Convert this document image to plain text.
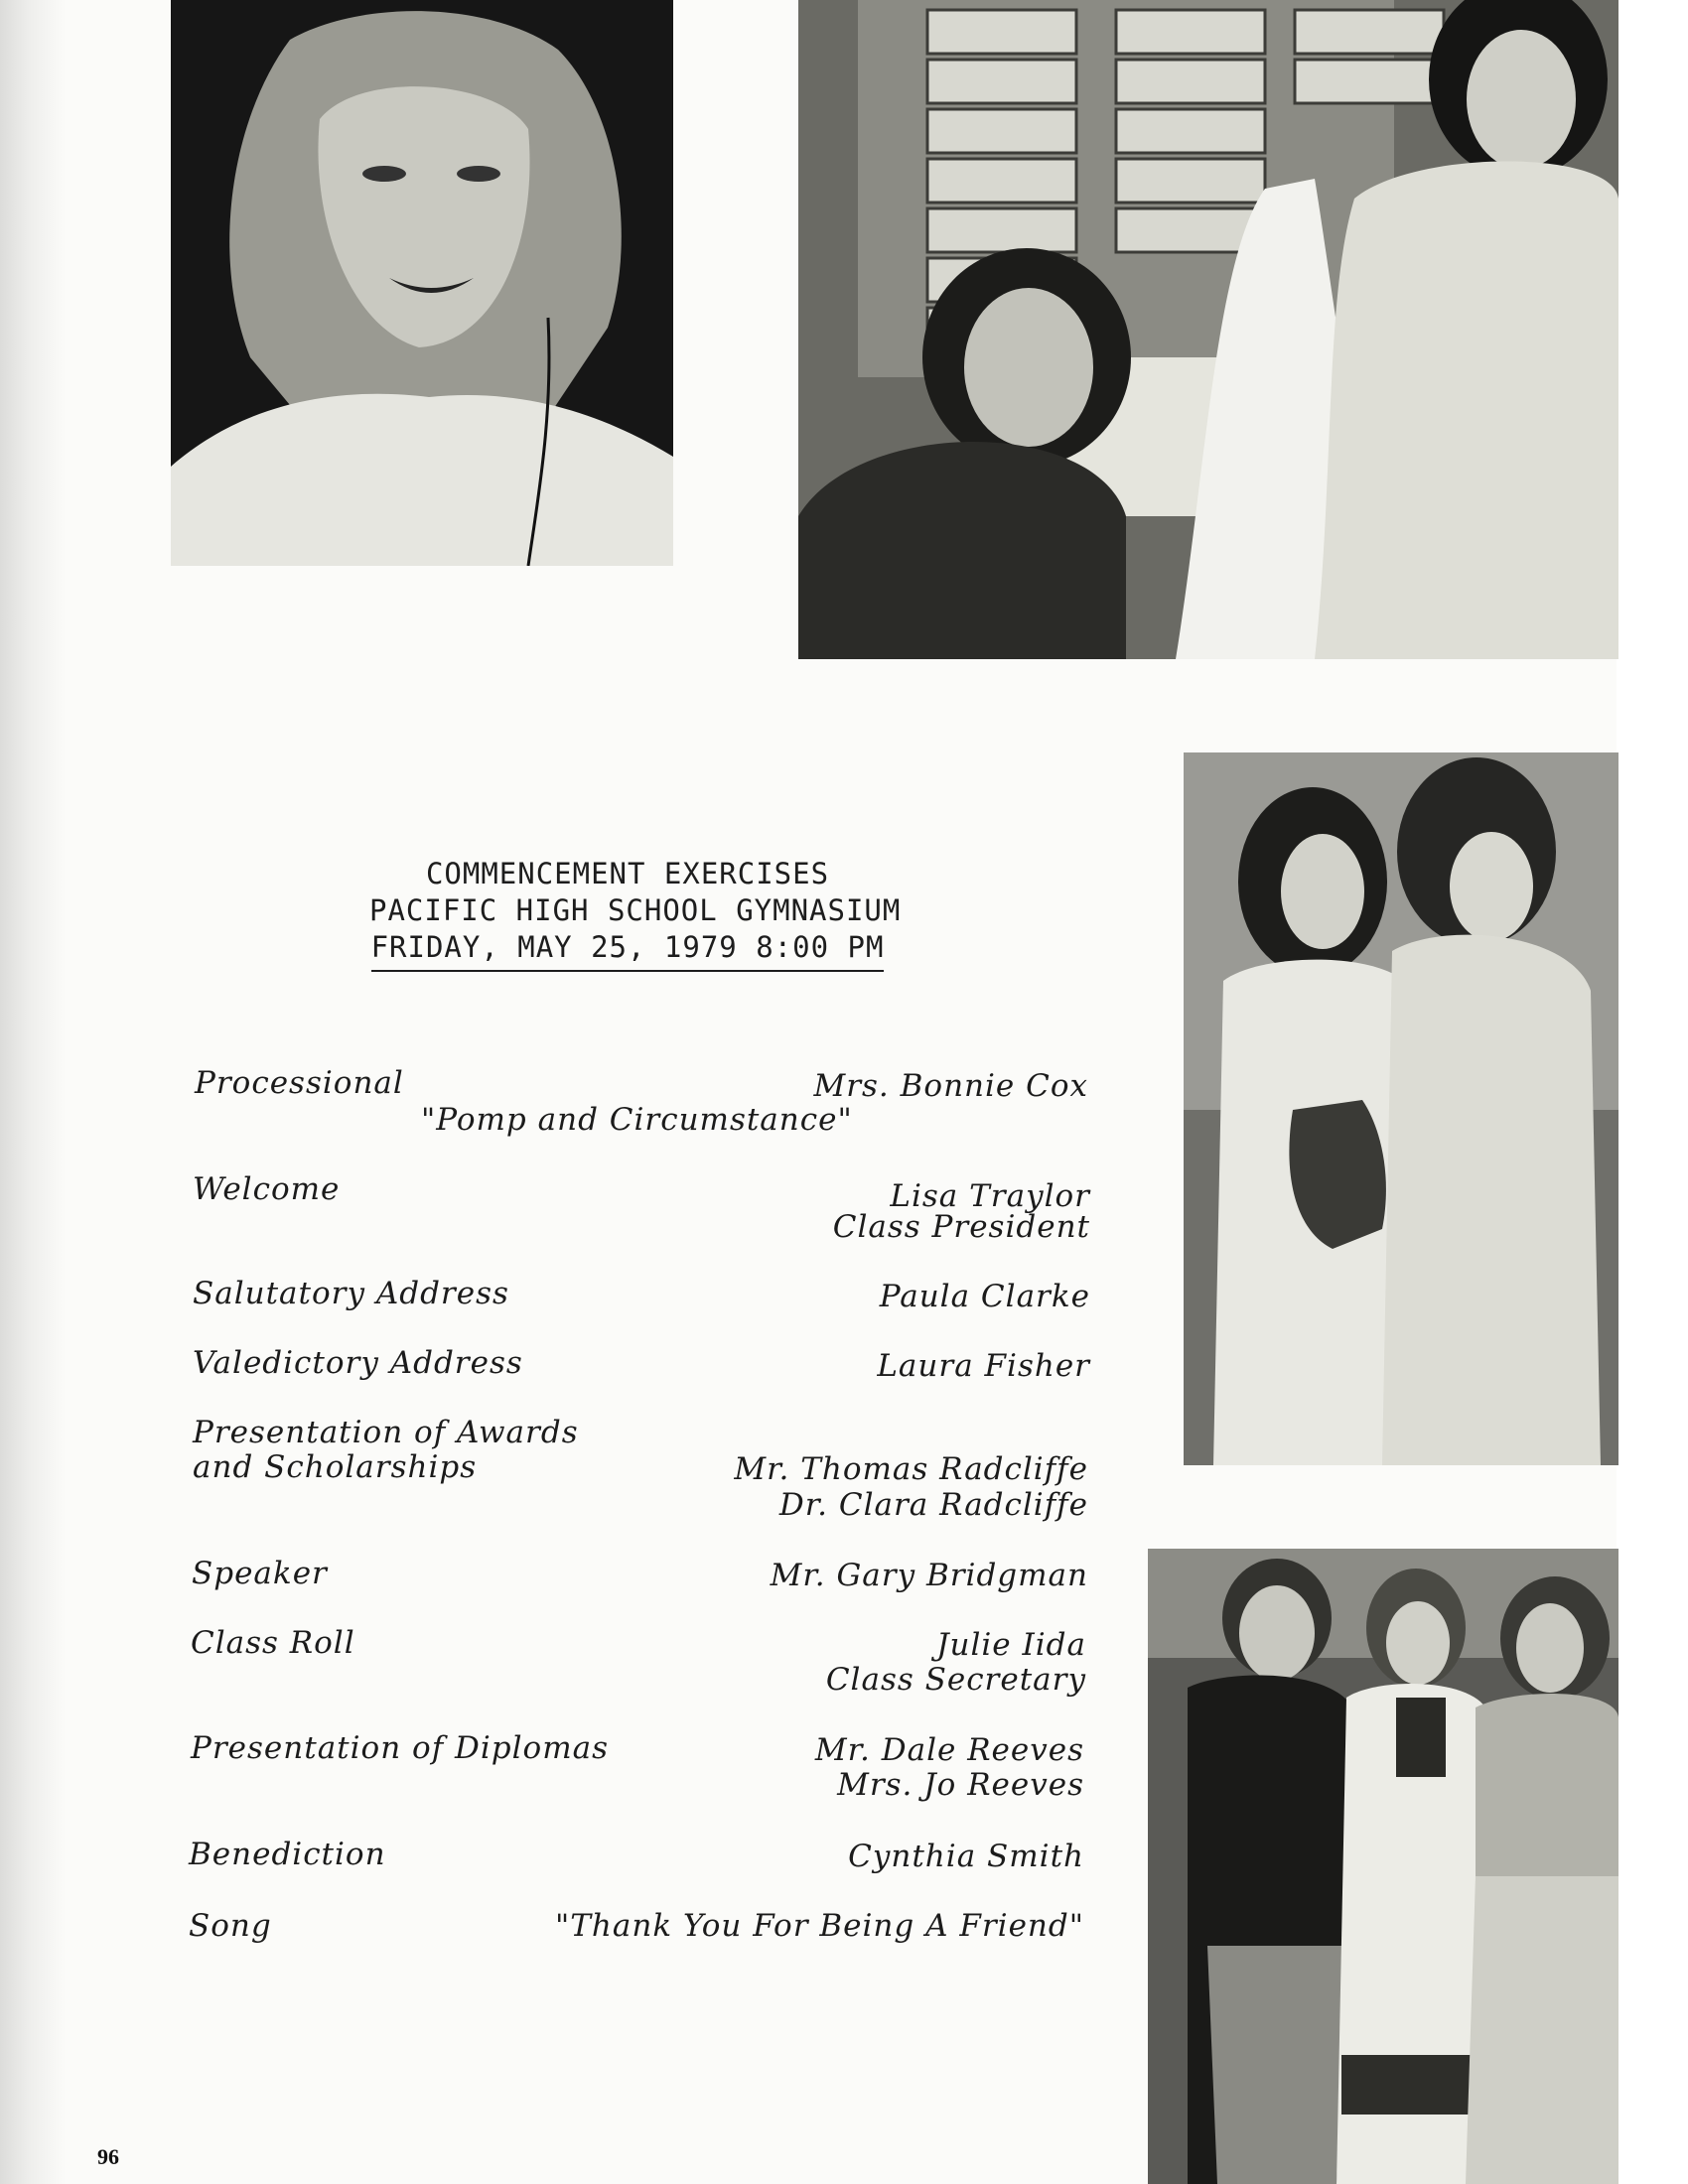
COMMENCEMENT EXERCISES
PACIFIC HIGH SCHOOL GYMNASIUM
FRIDAY, MAY 25, 1979 8:00 PM
Processional	Mrs. Bonnie Cox
"Pomp and Circumstance"
Welcome	Lisa Traylor
Class President
Salutatory Address	Paula Clarke
Valedictory Address	Laura Fisher
Presentation of Awards
and Scholarships	Mr. Thomas Radcliffe
Dr. Clara Radcliffe
Speaker	Mr. Gary Bridgman
Class Roll	Julie Iida
Class Secretary
Presentation of Diplomas	Mr. Dale Reeves
Mrs. Jo Reeves
Benediction	Cynthia Smith
Song	"Thank You For Being A Friend"
96
